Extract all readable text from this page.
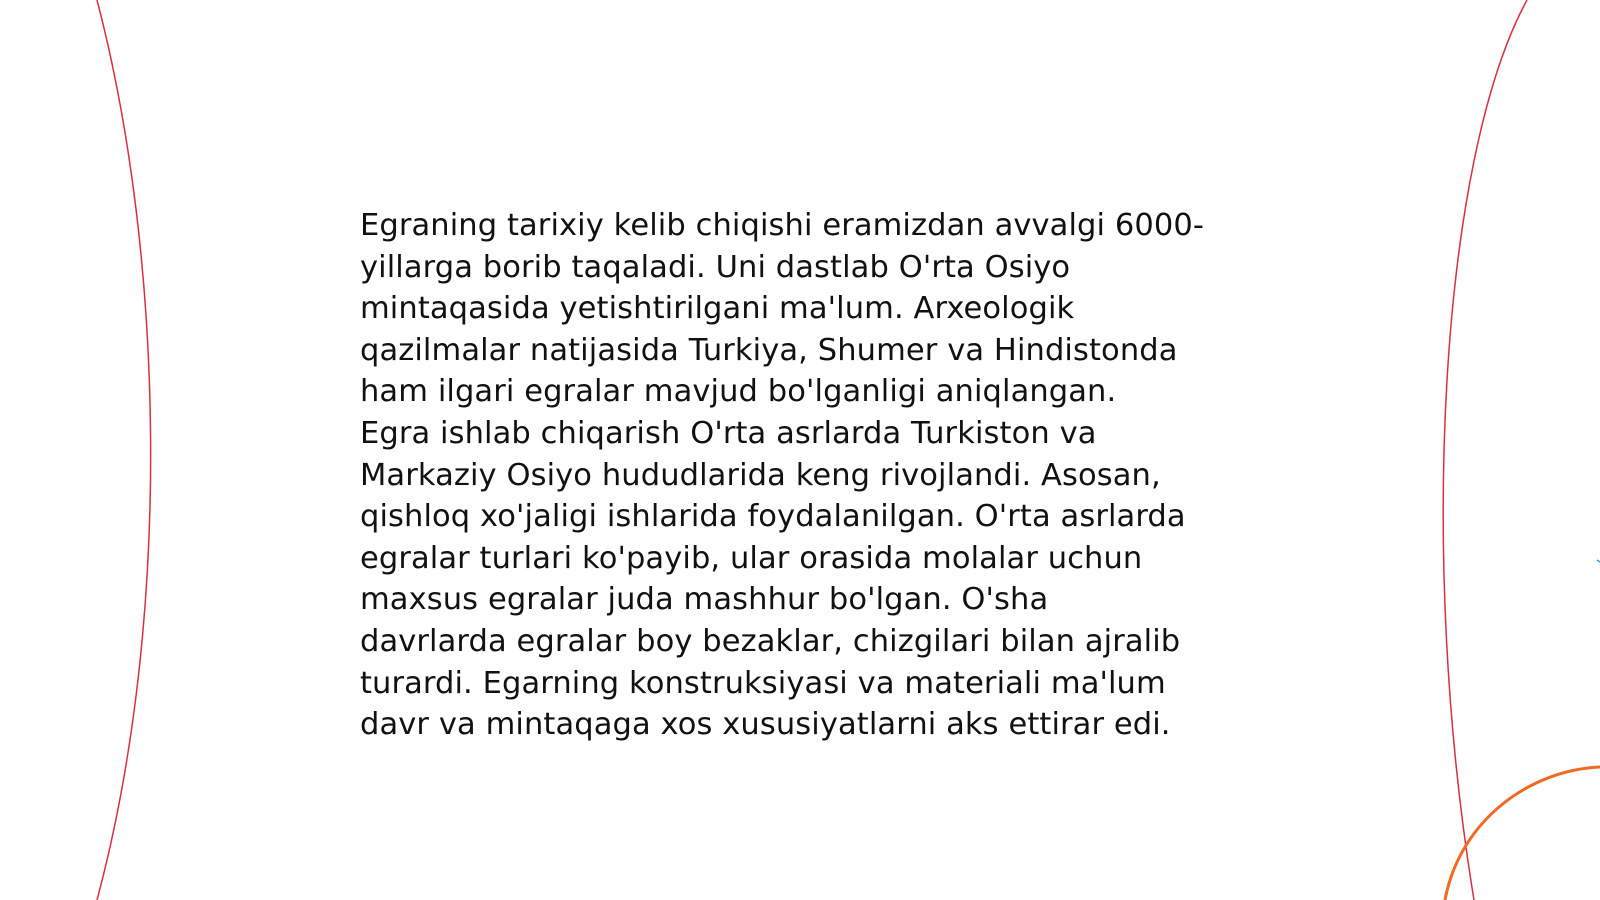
Egraning tarixiy kelib chiqishi eramizdan avvalgi 6000-
yillarga borib taqaladi. Uni dastlab O'rta Osiyo
mintaqasida yetishtirilgani ma'lum. Arxeologik
qazilmalar natijasida Turkiya, Shumer va Hindistonda
ham ilgari egralar mavjud bo'lganligi aniqlangan.
Egra ishlab chiqarish O'rta asrlarda Turkiston va
Markaziy Osiyo hududlarida keng rivojlandi. Asosan,
qishloq xo'jaligi ishlarida foydalanilgan. O'rta asrlarda
egralar turlari ko'payib, ular orasida molalar uchun
maxsus egralar juda mashhur bo'lgan. O'sha
davrlarda egralar boy bezaklar, chizgilari bilan ajralib
turardi. Egarning konstruksiyasi va materiali ma'lum
davr va mintaqaga xos xususiyatlarni aks ettirar edi.
